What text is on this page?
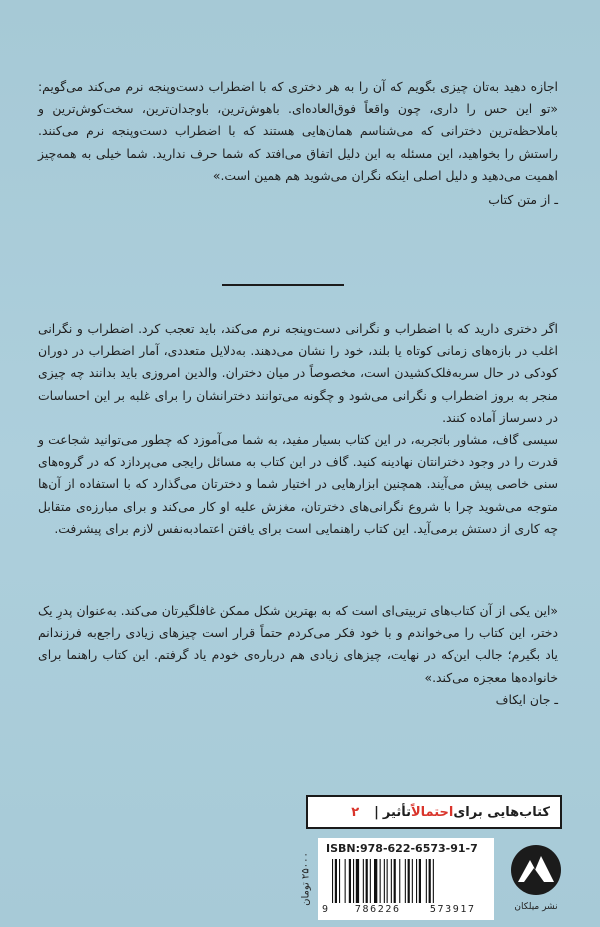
اجازه دهید به‌تان چیزی بگویم که آن را به هر دختری که با اضطراب دست‌وپنجه نرم می‌کند می‌گویم: «تو این حس را داری، چون واقعاً فوق‌العاده‌ای. باهوش‌ترین، باوجدان‌ترین، سخت‌کوش‌ترین و باملاحظه‌ترین دخترانی که می‌شناسم همان‌هایی هستند که با اضطراب دست‌وپنجه نرم می‌کنند. راستش را بخواهید، این مسئله به این دلیل اتفاق می‌افتد که شما حرف ندارید. شما خیلی به همه‌چیز اهمیت می‌دهید و دلیل اصلی اینکه نگران می‌شوید هم همین است.»

ـ از متن کتاب

اگر دختری دارید که با اضطراب و نگرانی دست‌وپنجه نرم می‌کند، باید تعجب کرد. اضطراب و نگرانی اغلب در بازه‌های زمانی کوتاه یا بلند، خود را نشان می‌دهند. به‌دلایل متعددی، آمار اضطراب در دوران کودکی در حال سربه‌فلک‌کشیدن است، مخصوصاً در میان دختران. والدین امروزی باید بدانند چه چیزی منجر به بروز اضطراب و نگرانی می‌شود و چگونه می‌توانند دخترانشان را برای غلبه بر این احساسات در دسرساز آماده کنند.

سیسی گاف، مشاور باتجربه، در این کتاب بسیار مفید، به شما می‌آموزد که چطور می‌توانید شجاعت و قدرت را در وجود دخترانتان نهادینه کنید. گاف در این کتاب به مسائل رایجی می‌پردازد که در گروه‌های سنی خاصی پیش می‌آیند. همچنین ابزارهایی در اختیار شما و دخترتان می‌گذارد که با استفاده از آن‌ها متوجه می‌شوید چرا با شروع نگرانی‌های دخترتان، مغزش علیه او کار می‌کند و برای مبارزه‌ی متقابل چه کاری از دستش برمی‌آید. این کتاب راهنمایی است برای یافتن اعتمادبه‌نفس لازم برای پیشرفت.

«این یکی از آن کتاب‌های تربیتی‌ای است که به بهترین شکل ممکن غافلگیرتان می‌کند. به‌عنوان پدرِ یک دختر، این کتاب را می‌خواندم و با خود فکر می‌کردم حتماً قرار است چیزهای زیادی راجع‌به فرزندانم یاد بگیرم؛ جالب این‌که در نهایت، چیزهای زیادی هم درباره‌ی خودم یاد گرفتم. این کتاب راهنما برای خانواده‌ها معجزه می‌کند.»

ـ جان ایکاف

کتاب‌هایی برای
احتمالاً
تأثیر
|
۲
۲۵۰۰۰ تومان
ISBN:978-622-6573-91-7
9	786226	573917	نشر میلکان
